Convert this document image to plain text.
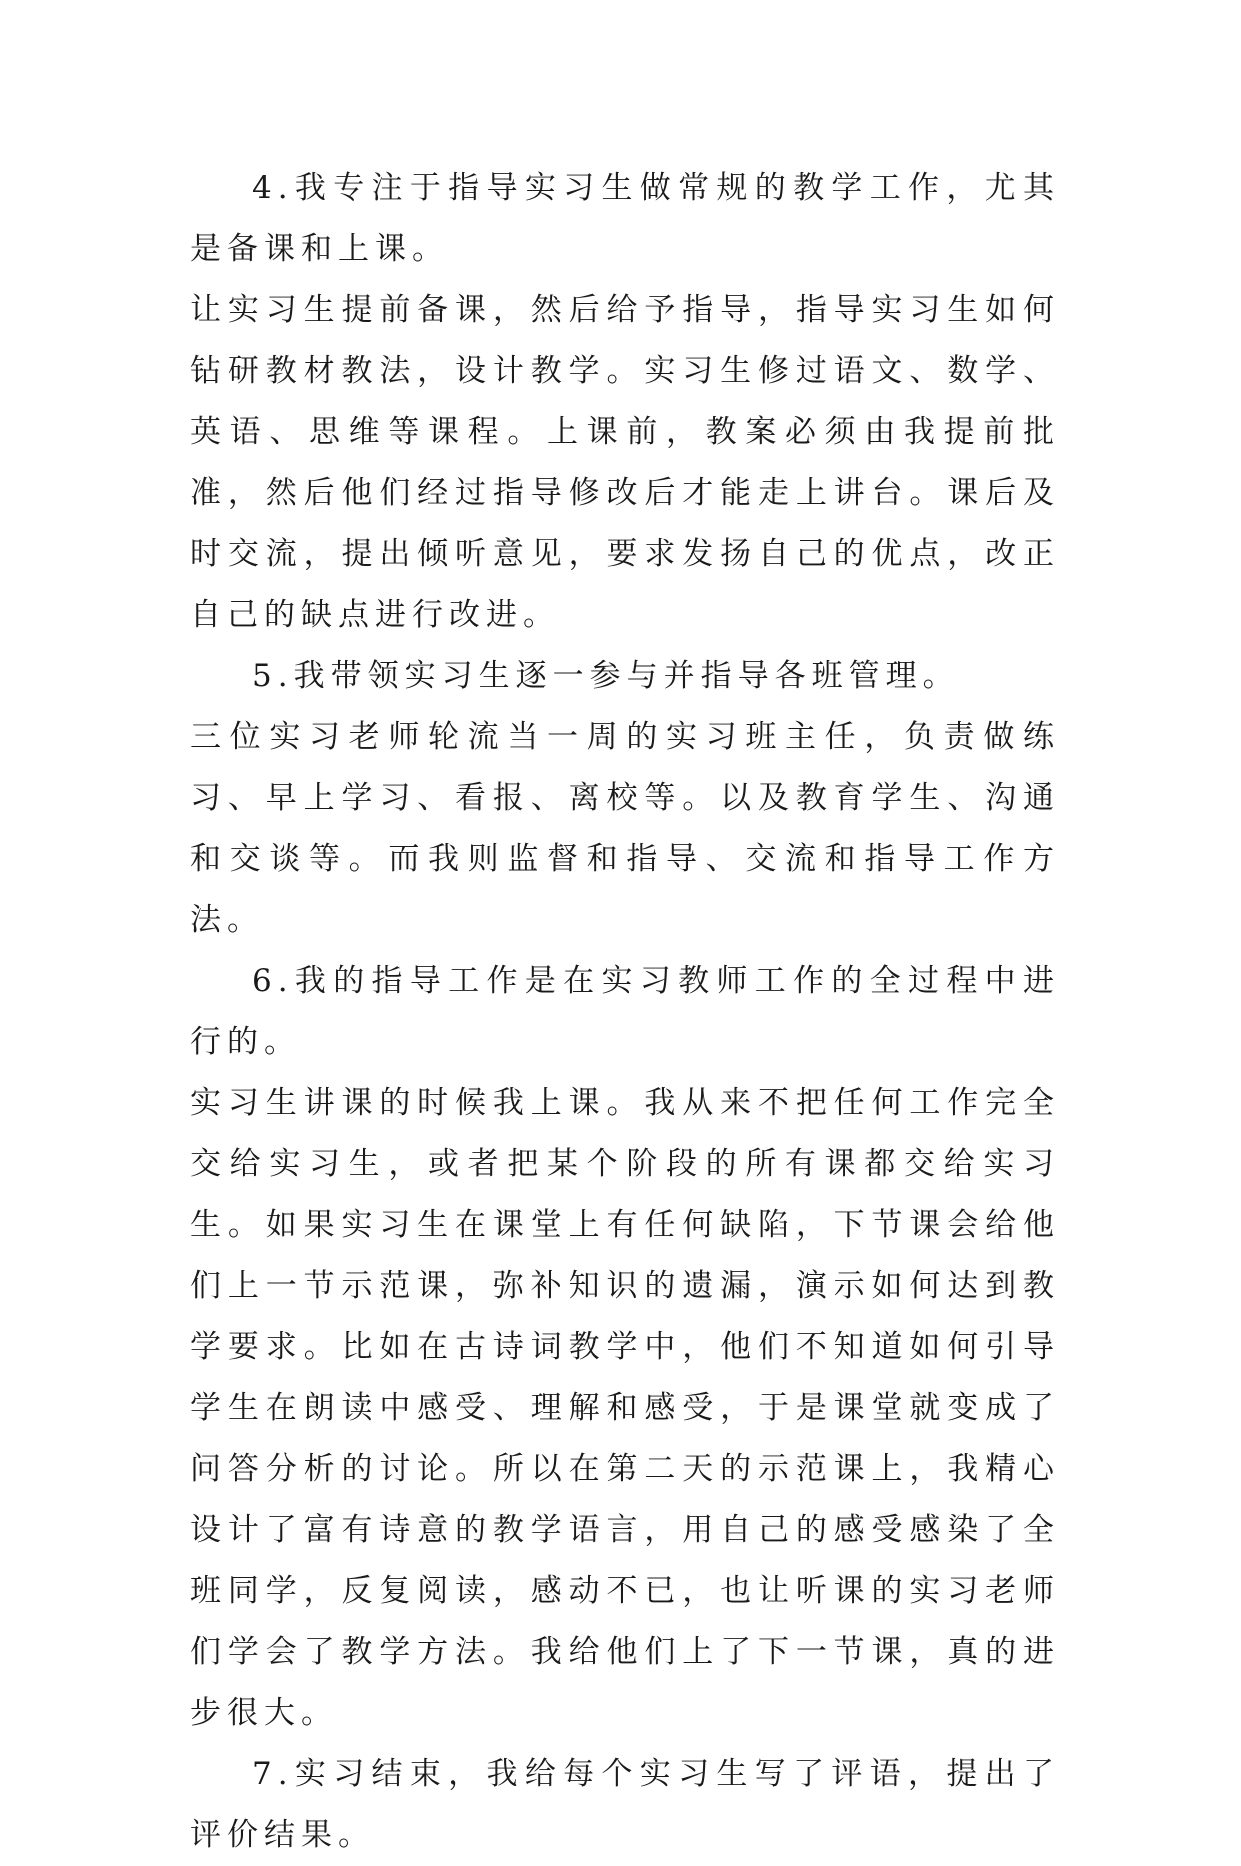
4.我专注于指导实习生做常规的教学工作，尤其是备课和上课。

让实习生提前备课，然后给予指导，指导实习生如何钻研教材教法，设计教学。实习生修过语文、数学、英语、思维等课程。上课前，教案必须由我提前批准，然后他们经过指导修改后才能走上讲台。课后及时交流，提出倾听意见，要求发扬自己的优点，改正自己的缺点进行改进。

5.我带领实习生逐一参与并指导各班管理。

三位实习老师轮流当一周的实习班主任，负责做练习、早上学习、看报、离校等。以及教育学生、沟通和交谈等。而我则监督和指导、交流和指导工作方法。

6.我的指导工作是在实习教师工作的全过程中进行的。

实习生讲课的时候我上课。我从来不把任何工作完全交给实习生，或者把某个阶段的所有课都交给实习生。如果实习生在课堂上有任何缺陷，下节课会给他们上一节示范课，弥补知识的遗漏，演示如何达到教学要求。比如在古诗词教学中，他们不知道如何引导学生在朗读中感受、理解和感受，于是课堂就变成了问答分析的讨论。所以在第二天的示范课上，我精心设计了富有诗意的教学语言，用自己的感受感染了全班同学，反复阅读，感动不已，也让听课的实习老师们学会了教学方法。我给他们上了下一节课，真的进步很大。

7.实习结束，我给每个实习生写了评语，提出了评价结果。
